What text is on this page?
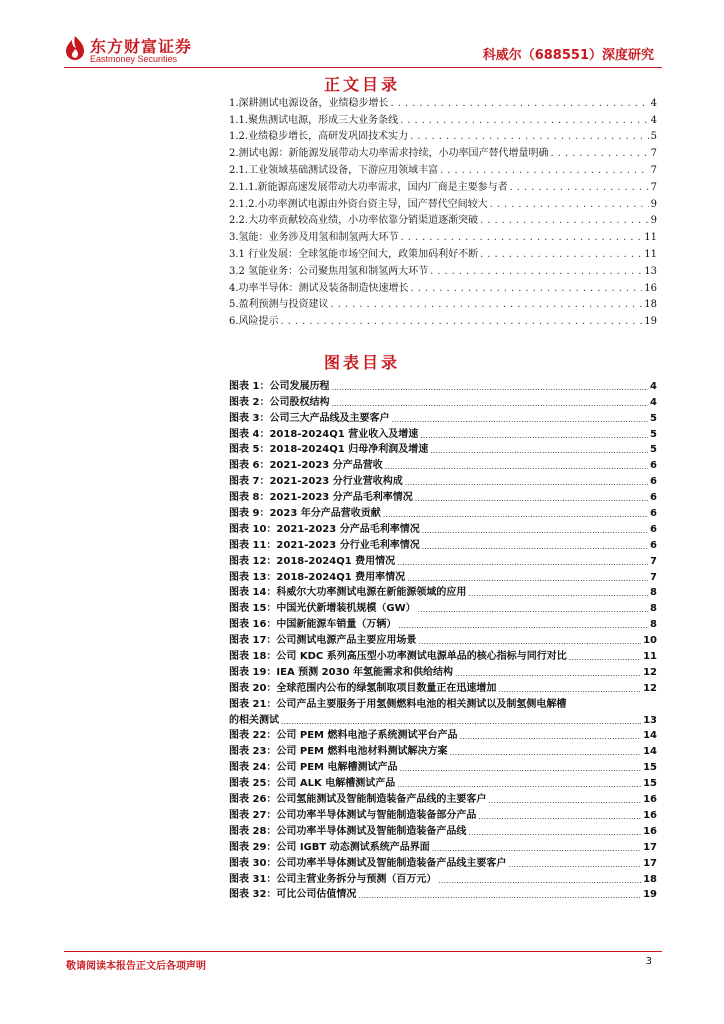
东方财富证券
Eastmoney Securities	科威尔（688551）深度研究
正文目录
1.深耕测试电源设备，业绩稳步增长 .....	4
1.1.聚焦测试电源，形成三大业务条线 .....	4
1.2.业绩稳步增长，高研发巩固技术实力 .....	5
2.测试电源：新能源发展带动大功率需求持续，小功率国产替代增量明确 .....	7
2.1.工业领域基础测试设备，下游应用领域丰富 .....	7
2.1.1.新能源高速发展带动大功率需求，国内厂商是主要参与者 .....	7
2.1.2.小功率测试电源由外资台资主导，国产替代空间较大 .....	9
2.2.大功率贡献较高业绩，小功率依靠分销渠道逐渐突破 .....	9
3.氢能：业务涉及用氢和制氢两大环节 .....	11
3.1 行业发展：全球氢能市场空间大，政策加码利好不断 .....	11
3.2 氢能业务：公司聚焦用氢和制氢两大环节 .....	13
4.功率半导体：测试及装备制造快速增长 .....	16
5.盈利预测与投资建议 .....	18
6.风险提示 .....	19
图表目录
图表 1：公司发展历程 .....	4
图表 2：公司股权结构 .....	4
图表 3：公司三大产品线及主要客户 .....	5
图表 4：2018-2024Q1 营业收入及增速 .....	5
图表 5：2018-2024Q1 归母净利润及增速 .....	5
图表 6：2021-2023 分产品营收 .....	6
图表 7：2021-2023 分行业营收构成 .....	6
图表 8：2021-2023 分产品毛利率情况 .....	6
图表 9：2023 年分产品营收贡献 .....	6
图表 10：2021-2023 分产品毛利率情况 .....	6
图表 11：2021-2023 分行业毛利率情况 .....	6
图表 12：2018-2024Q1 费用情况 .....	7
图表 13：2018-2024Q1 费用率情况 .....	7
图表 14：科威尔大功率测试电源在新能源领域的应用 .....	8
图表 15：中国光伏新增装机规模（GW） .....	8
图表 16：中国新能源车销量（万辆） .....	8
图表 17：公司测试电源产品主要应用场景 .....	10
图表 18：公司 KDC 系列高压型小功率测试电源单品的核心指标与同行对比 .....	11
图表 19：IEA 预测 2030 年氢能需求和供给结构 .....	12
图表 20：全球范围内公布的绿氢制取项目数量正在迅速增加 .....	12
图表 21：公司产品主要服务于用氢侧燃料电池的相关测试以及制氢侧电解槽
的相关测试 .....	13
图表 22：公司 PEM 燃料电池子系统测试平台产品 .....	14
图表 23：公司 PEM 燃料电池材料测试解决方案 .....	14
图表 24：公司 PEM 电解槽测试产品 .....	15
图表 25：公司 ALK 电解槽测试产品 .....	15
图表 26：公司氢能测试及智能制造装备产品线的主要客户 .....	16
图表 27：公司功率半导体测试与智能制造装备部分产品 .....	16
图表 28：公司功率半导体测试及智能制造装备产品线 .....	16
图表 29：公司 IGBT 动态测试系统产品界面 .....	17
图表 30：公司功率半导体测试及智能制造装备产品线主要客户 .....	17
图表 31：公司主营业务拆分与预测（百万元） .....	18
图表 32：可比公司估值情况 .....	19
敬请阅读本报告正文后各项声明	3
